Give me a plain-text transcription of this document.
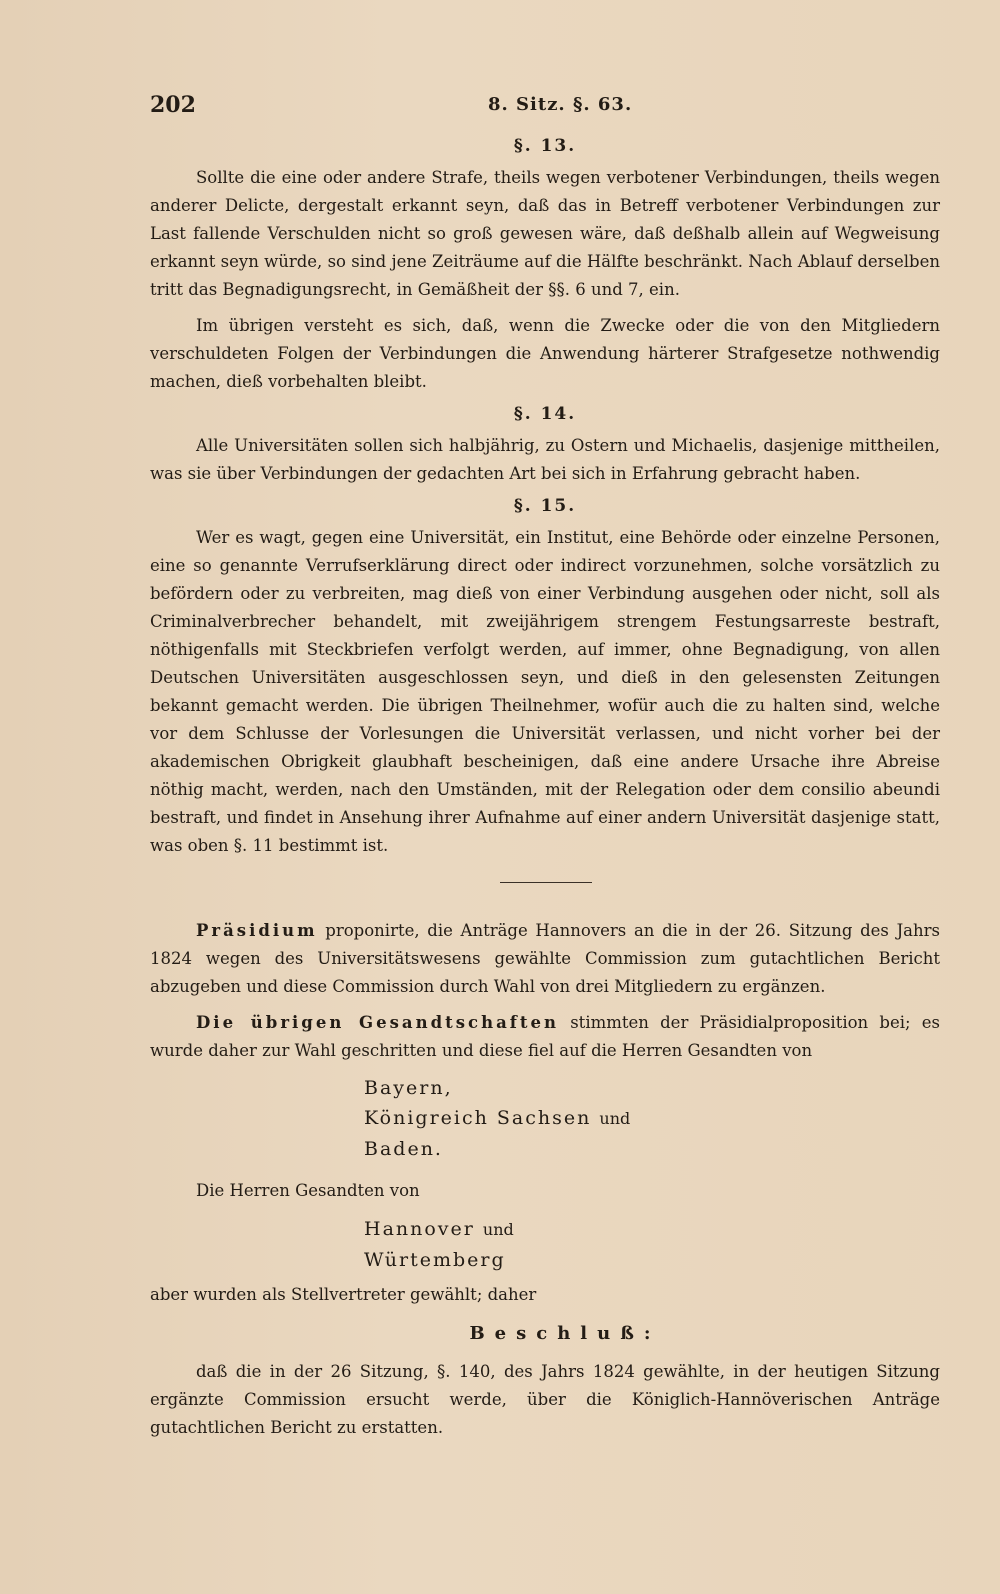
202	8. Sitz. §. 63.
§. 13.

Sollte die eine oder andere Strafe, theils wegen verbotener Verbindungen, theils wegen anderer Delicte, dergestalt erkannt seyn, daß das in Betreff verbotener Verbindungen zur Last fallende Verschulden nicht so groß gewesen wäre, daß deßhalb allein auf Wegweisung erkannt seyn würde, so sind jene Zeiträume auf die Hälfte beschränkt. Nach Ablauf derselben tritt das Begnadigungsrecht, in Gemäßheit der §§. 6 und 7, ein.

Im übrigen versteht es sich, daß, wenn die Zwecke oder die von den Mitgliedern verschuldeten Folgen der Verbindungen die Anwendung härterer Strafgesetze nothwendig machen, dieß vorbehalten bleibt.

§. 14.

Alle Universitäten sollen sich halbjährig, zu Ostern und Michaelis, dasjenige mittheilen, was sie über Verbindungen der gedachten Art bei sich in Erfahrung gebracht haben.

§. 15.

Wer es wagt, gegen eine Universität, ein Institut, eine Behörde oder einzelne Personen, eine so genannte Verrufserklärung direct oder indirect vorzunehmen, solche vorsätzlich zu befördern oder zu verbreiten, mag dieß von einer Verbindung ausgehen oder nicht, soll als Criminalverbrecher behandelt, mit zweijährigem strengem Festungsarreste bestraft, nöthigenfalls mit Steckbriefen verfolgt werden, auf immer, ohne Begnadigung, von allen Deutschen Universitäten ausgeschlossen seyn, und dieß in den gelesensten Zeitungen bekannt gemacht werden. Die übrigen Theilnehmer, wofür auch die zu halten sind, welche vor dem Schlusse der Vorlesungen die Universität verlassen, und nicht vorher bei der akademischen Obrigkeit glaubhaft bescheinigen, daß eine andere Ursache ihre Abreise nöthig macht, werden, nach den Umständen, mit der Relegation oder dem consilio abeundi bestraft, und findet in Ansehung ihrer Aufnahme auf einer andern Universität dasjenige statt, was oben §. 11 bestimmt ist.

Präsidium proponirte, die Anträge Hannovers an die in der 26. Sitzung des Jahrs 1824 wegen des Universitätswesens gewählte Commission zum gutachtlichen Bericht abzugeben und diese Commission durch Wahl von drei Mitgliedern zu ergänzen.

Die übrigen Gesandtschaften stimmten der Präsidialproposition bei; es wurde daher zur Wahl geschritten und diese fiel auf die Herren Gesandten von

Bayern,
Königreich Sachsen und
Baden.
Die Herren Gesandten von
Hannover und
Würtemberg

aber wurden als Stellvertreter gewählt; daher

Beschluß:

daß die in der 26 Sitzung, §. 140, des Jahrs 1824 gewählte, in der heutigen Sitzung ergänzte Commission ersucht werde, über die Königlich-Hannöverischen Anträge gutachtlichen Bericht zu erstatten.
